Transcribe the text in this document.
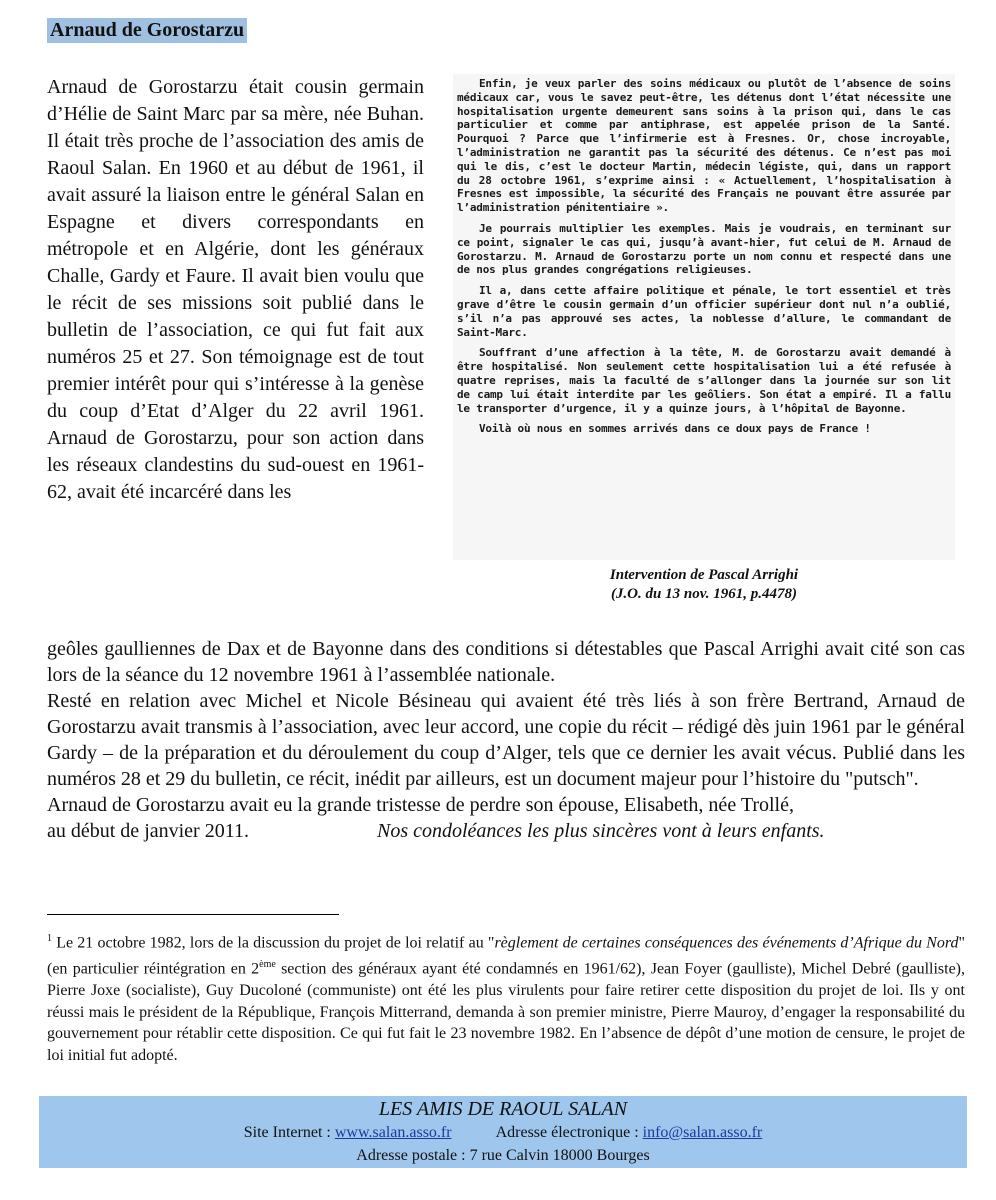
Arnaud de Gorostarzu

Arnaud de Gorostarzu était cousin germain d’Hélie de Saint Marc par sa mère, née Buhan. Il était très proche de l’association des amis de Raoul Salan. En 1960 et au début de 1961, il avait assuré la liaison entre le général Salan en Espagne et divers correspondants en métropole et en Algérie, dont les généraux Challe, Gardy et Faure. Il avait bien voulu que le récit de ses missions soit publié dans le bulletin de l’association, ce qui fut fait aux numéros 25 et 27. Son témoignage est de tout premier intérêt pour qui s’intéresse à la genèse du coup d’Etat d’Alger du 22 avril 1961. Arnaud de Gorostarzu, pour son action dans les réseaux clandestins du sud-ouest en 1961-62, avait été incarcéré dans les

Enfin, je veux parler des soins médicaux ou plutôt de l’absence de soins médicaux car, vous le savez peut-être, les détenus dont l’état nécessite une hospitalisation urgente demeurent sans soins à la prison qui, dans le cas particulier et comme par antiphrase, est appelée prison de la Santé. Pourquoi ? Parce que l’infirmerie est à Fresnes. Or, chose incroyable, l’administration ne garantit pas la sécurité des détenus. Ce n’est pas moi qui le dis, c’est le docteur Martin, médecin légiste, qui, dans un rapport du 28 octobre 1961, s’exprime ainsi : « Actuellement, l’hospitalisation à Fresnes est impossible, la sécurité des Français ne pouvant être assurée par l’administration pénitentiaire ».

Je pourrais multiplier les exemples. Mais je voudrais, en terminant sur ce point, signaler le cas qui, jusqu’à avant-hier, fut celui de M. Arnaud de Gorostarzu. M. Arnaud de Gorostarzu porte un nom connu et respecté dans une de nos plus grandes congrégations religieuses.

Il a, dans cette affaire politique et pénale, le tort essentiel et très grave d’être le cousin germain d’un officier supérieur dont nul n’a oublié, s’il n’a pas approuvé ses actes, la noblesse d’allure, le commandant de Saint-Marc.

Souffrant d’une affection à la tête, M. de Gorostarzu avait demandé à être hospitalisé. Non seulement cette hospitalisation lui a été refusée à quatre reprises, mais la faculté de s’allonger dans la journée sur son lit de camp lui était interdite par les geôliers. Son état a empiré. Il a fallu le transporter d’urgence, il y a quinze jours, à l’hôpital de Bayonne.

Voilà où nous en sommes arrivés dans ce doux pays de France !

Intervention de Pascal Arrighi
(J.O. du 13 nov. 1961, p.4478)

geôles gaulliennes de Dax et de Bayonne dans des conditions si détestables que Pascal Arrighi avait cité son cas lors de la séance du 12 novembre 1961 à l’assemblée nationale.

Resté en relation avec Michel et Nicole Bésineau qui avaient été très liés à son frère Bertrand, Arnaud de Gorostarzu avait transmis à l’association, avec leur accord, une copie du récit – rédigé dès juin 1961 par le général Gardy – de la préparation et du déroulement du coup d’Alger, tels que ce dernier les avait vécus. Publié dans les numéros 28 et 29 du bulletin, ce récit, inédit par ailleurs, est un document majeur pour l’histoire du "putsch".

Arnaud de Gorostarzu avait eu la grande tristesse de perdre son épouse, Elisabeth, née Trollé,

au début de janvier 2011.	Nos condoléances les plus sincères vont à leurs enfants.

$^1$ Le 21 octobre 1982, lors de la discussion du projet de loi relatif au "règlement de certaines conséquences des événements d’Afrique du Nord" (en particulier réintégration en 2ème section des généraux ayant été condamnés en 1961/62), Jean Foyer (gaulliste), Michel Debré (gaulliste), Pierre Joxe (socialiste), Guy Ducoloné (communiste) ont été les plus virulents pour faire retirer cette disposition du projet de loi. Ils y ont réussi mais le président de la République, François Mitterrand, demanda à son premier ministre, Pierre Mauroy, d’engager la responsabilité du gouvernement pour rétablir cette disposition. Ce qui fut fait le 23 novembre 1982. En l’absence de dépôt d’une motion de censure, le projet de loi initial fut adopté.

LES AMIS DE RAOUL SALAN
Site Internet : www.salan.asso.fr	Adresse électronique : info@salan.asso.fr
Adresse postale : 7 rue Calvin 18000 Bourges
